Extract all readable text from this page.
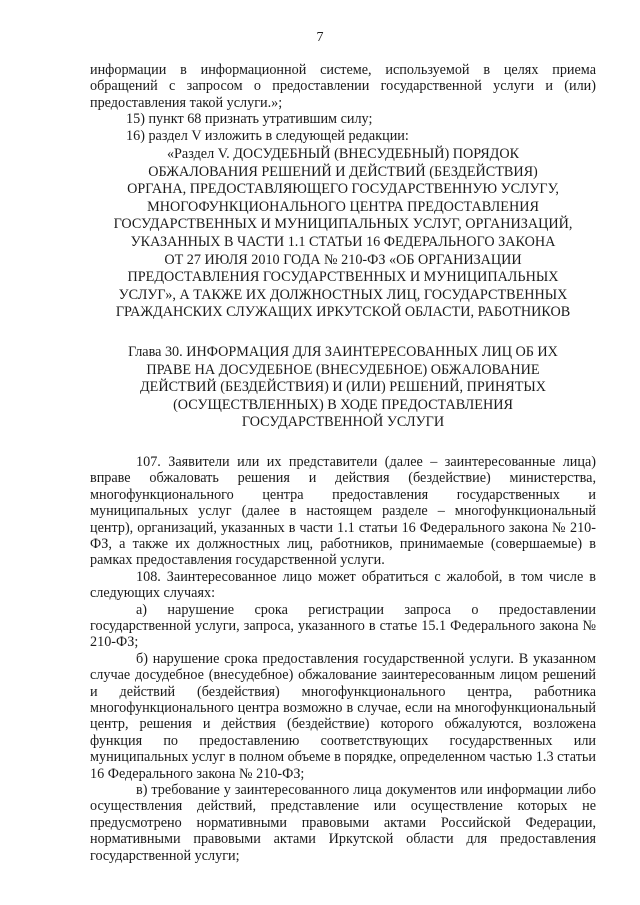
7

информации в информационной системе, используемой в целях приема
обращений с запросом о предоставлении государственной услуги и (или)
предоставления такой услуги.»;

15) пункт 68 признать утратившим силу;

16) раздел V изложить в следующей редакции:

«Раздел V. ДОСУДЕБНЫЙ (ВНЕСУДЕБНЫЙ) ПОРЯДОК
ОБЖАЛОВАНИЯ РЕШЕНИЙ И ДЕЙСТВИЙ (БЕЗДЕЙСТВИЯ)
ОРГАНА, ПРЕДОСТАВЛЯЮЩЕГО ГОСУДАРСТВЕННУЮ УСЛУГУ,
МНОГОФУНКЦИОНАЛЬНОГО ЦЕНТРА ПРЕДОСТАВЛЕНИЯ
ГОСУДАРСТВЕННЫХ И МУНИЦИПАЛЬНЫХ УСЛУГ, ОРГАНИЗАЦИЙ,
УКАЗАННЫХ В ЧАСТИ 1.1 СТАТЬИ 16 ФЕДЕРАЛЬНОГО ЗАКОНА
ОТ 27 ИЮЛЯ 2010 ГОДА № 210-ФЗ «ОБ ОРГАНИЗАЦИИ
ПРЕДОСТАВЛЕНИЯ ГОСУДАРСТВЕННЫХ И МУНИЦИПАЛЬНЫХ
УСЛУГ», А ТАКЖЕ ИХ ДОЛЖНОСТНЫХ ЛИЦ, ГОСУДАРСТВЕННЫХ
ГРАЖДАНСКИХ СЛУЖАЩИХ ИРКУТСКОЙ ОБЛАСТИ, РАБОТНИКОВ
Глава 30. ИНФОРМАЦИЯ ДЛЯ ЗАИНТЕРЕСОВАННЫХ ЛИЦ ОБ ИХ
ПРАВЕ НА ДОСУДЕБНОЕ (ВНЕСУДЕБНОЕ) ОБЖАЛОВАНИЕ
ДЕЙСТВИЙ (БЕЗДЕЙСТВИЯ) И (ИЛИ) РЕШЕНИЙ, ПРИНЯТЫХ
(ОСУЩЕСТВЛЕННЫХ) В ХОДЕ ПРЕДОСТАВЛЕНИЯ
ГОСУДАРСТВЕННОЙ УСЛУГИ

107. Заявители или их представители (далее – заинтересованные лица) вправе обжаловать решения и действия (бездействие) министерства, многофункционального центра предоставления государственных и муниципальных услуг (далее в настоящем разделе – многофункциональный центр), организаций, указанных в части 1.1 статьи 16 Федерального закона № 210-ФЗ, а также их должностных лиц, работников, принимаемые (совершаемые) в рамках предоставления государственной услуги.

108. Заинтересованное лицо может обратиться с жалобой, в том числе в следующих случаях:

а) нарушение срока регистрации запроса о предоставлении государственной услуги, запроса, указанного в статье 15.1 Федерального закона № 210-ФЗ;

б) нарушение срока предоставления государственной услуги. В указанном случае досудебное (внесудебное) обжалование заинтересованным лицом решений и действий (бездействия) многофункционального центра, работника многофункционального центра возможно в случае, если на многофункциональный центр, решения и действия (бездействие) которого обжалуются, возложена функция по предоставлению соответствующих государственных или муниципальных услуг в полном объеме в порядке, определенном частью 1.3 статьи 16 Федерального закона № 210-ФЗ;

в) требование у заинтересованного лица документов или информации либо осуществления действий, представление или осуществление которых не предусмотрено нормативными правовыми актами Российской Федерации, нормативными правовыми актами Иркутской области для предоставления государственной услуги;
